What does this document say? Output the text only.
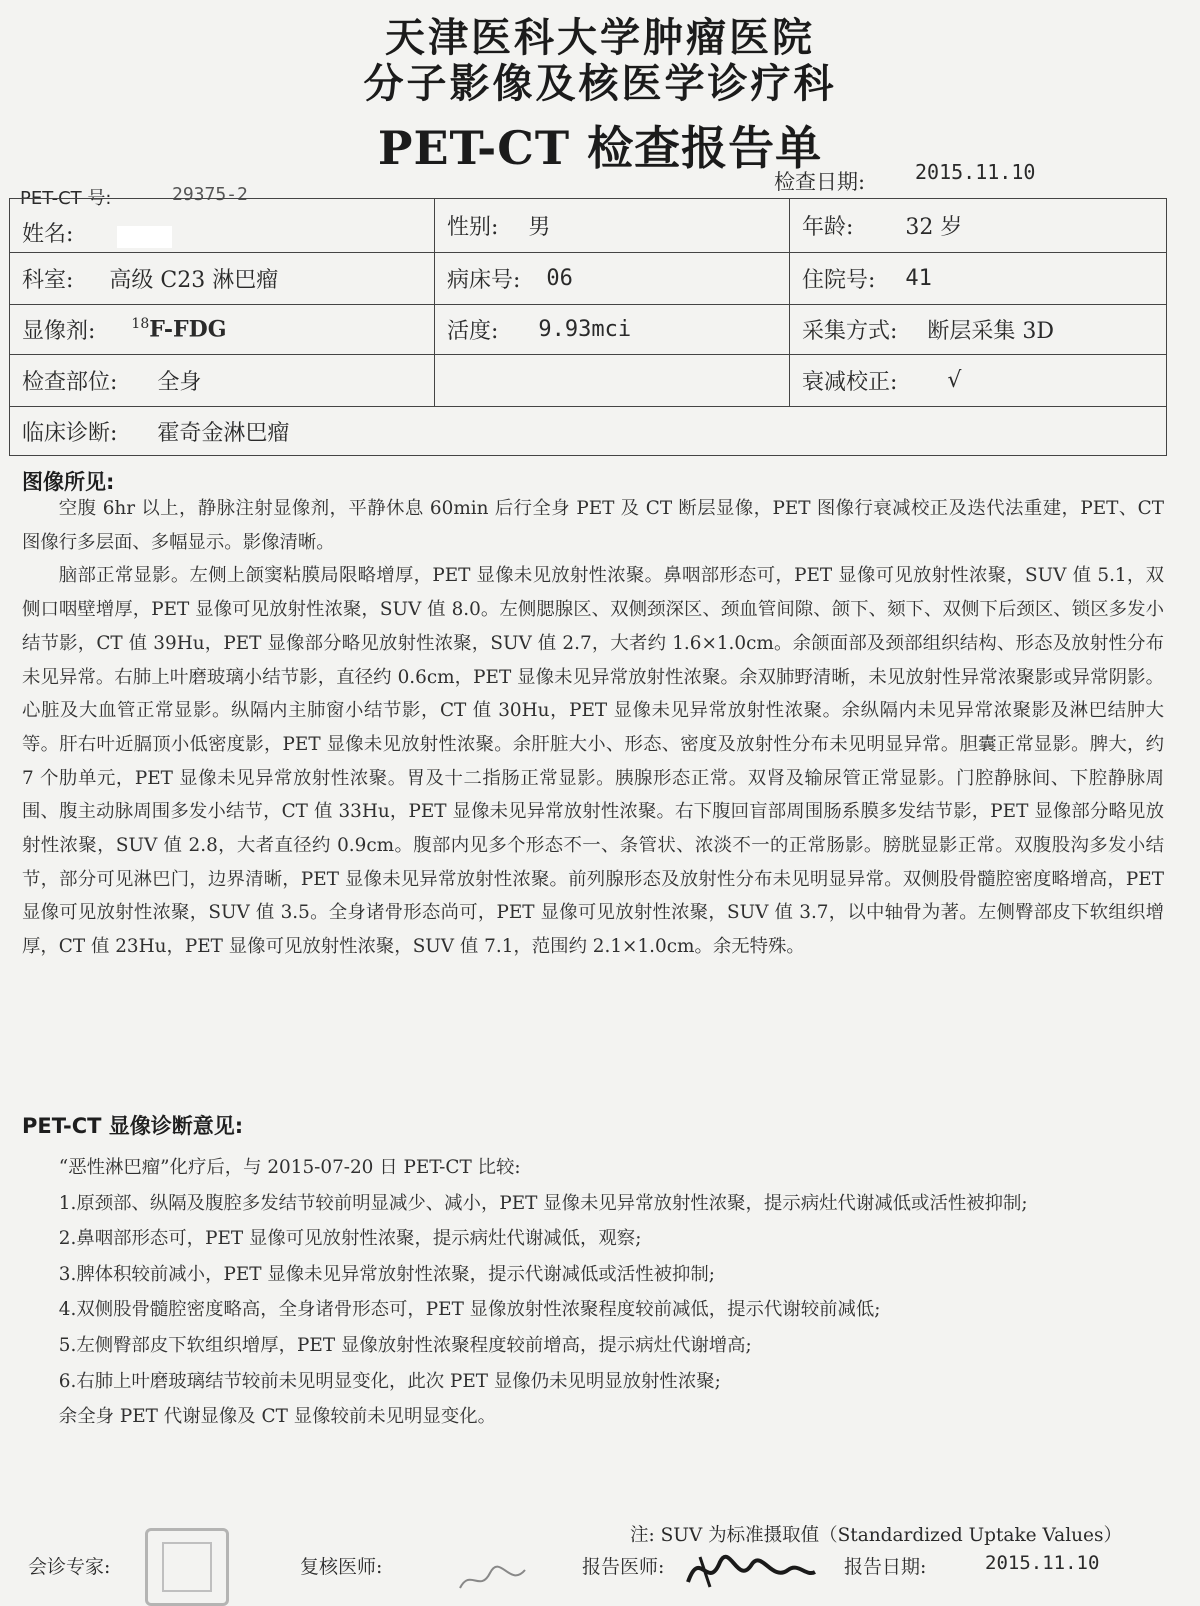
天津医科大学肿瘤医院
分子影像及核医学诊疗科
PET-CT 检查报告单
PET-CT 号:	29375-2
检查日期: 2015.11.10
姓名:	性别: 男	年龄: 32 岁
科室: 高级 C23 淋巴瘤	病床号: 06	住院号: 41
显像剂:	$^{18}$F-FDG	活度: 9.93mci	采集方式: 断层采集 3D
检查部位: 全身	衰减校正: √
临床诊断: 霍奇金淋巴瘤
图像所见:

空腹 6hr 以上，静脉注射显像剂，平静休息 60min 后行全身 PET 及 CT 断层显像，PET 图像行衰减校正及迭代法重建，PET、CT 图像行多层面、多幅显示。影像清晰。

脑部正常显影。左侧上颌窦粘膜局限略增厚，PET 显像未见放射性浓聚。鼻咽部形态可，PET 显像可见放射性浓聚，SUV 值 5.1，双侧口咽壁增厚，PET 显像可见放射性浓聚，SUV 值 8.0。左侧腮腺区、双侧颈深区、颈血管间隙、颌下、颏下、双侧下后颈区、锁区多发小结节影，CT 值 39Hu，PET 显像部分略见放射性浓聚，SUV 值 2.7，大者约 1.6×1.0cm。余颌面部及颈部组织结构、形态及放射性分布未见异常。右肺上叶磨玻璃小结节影，直径约 0.6cm，PET 显像未见异常放射性浓聚。余双肺野清晰，未见放射性异常浓聚影或异常阴影。心脏及大血管正常显影。纵隔内主肺窗小结节影，CT 值 30Hu，PET 显像未见异常放射性浓聚。余纵隔内未见异常浓聚影及淋巴结肿大等。肝右叶近膈顶小低密度影，PET 显像未见放射性浓聚。余肝脏大小、形态、密度及放射性分布未见明显异常。胆囊正常显影。脾大，约 7 个肋单元，PET 显像未见异常放射性浓聚。胃及十二指肠正常显影。胰腺形态正常。双肾及输尿管正常显影。门腔静脉间、下腔静脉周围、腹主动脉周围多发小结节，CT 值 33Hu，PET 显像未见异常放射性浓聚。右下腹回盲部周围肠系膜多发结节影，PET 显像部分略见放射性浓聚，SUV 值 2.8，大者直径约 0.9cm。腹部内见多个形态不一、条管状、浓淡不一的正常肠影。膀胱显影正常。双腹股沟多发小结节，部分可见淋巴门，边界清晰，PET 显像未见异常放射性浓聚。前列腺形态及放射性分布未见明显异常。双侧股骨髓腔密度略增高，PET 显像可见放射性浓聚，SUV 值 3.5。全身诸骨形态尚可，PET 显像可见放射性浓聚，SUV 值 3.7，以中轴骨为著。左侧臀部皮下软组织增厚，CT 值 23Hu，PET 显像可见放射性浓聚，SUV 值 7.1，范围约 2.1×1.0cm。余无特殊。

PET-CT 显像诊断意见:

“恶性淋巴瘤”化疗后，与 2015-07-20 日 PET-CT 比较:

1.原颈部、纵隔及腹腔多发结节较前明显减少、减小，PET 显像未见异常放射性浓聚，提示病灶代谢减低或活性被抑制;

2.鼻咽部形态可，PET 显像可见放射性浓聚，提示病灶代谢减低，观察;

3.脾体积较前减小，PET 显像未见异常放射性浓聚，提示代谢减低或活性被抑制;

4.双侧股骨髓腔密度略高，全身诸骨形态可，PET 显像放射性浓聚程度较前减低，提示代谢较前减低;

5.左侧臀部皮下软组织增厚，PET 显像放射性浓聚程度较前增高，提示病灶代谢增高;

6.右肺上叶磨玻璃结节较前未见明显变化，此次 PET 显像仍未见明显放射性浓聚;

余全身 PET 代谢显像及 CT 显像较前未见明显变化。

注: SUV 为标准摄取值（Standardized Uptake Values）
会诊专家:	复核医师:	报告医师:	报告日期:	2015.11.10
